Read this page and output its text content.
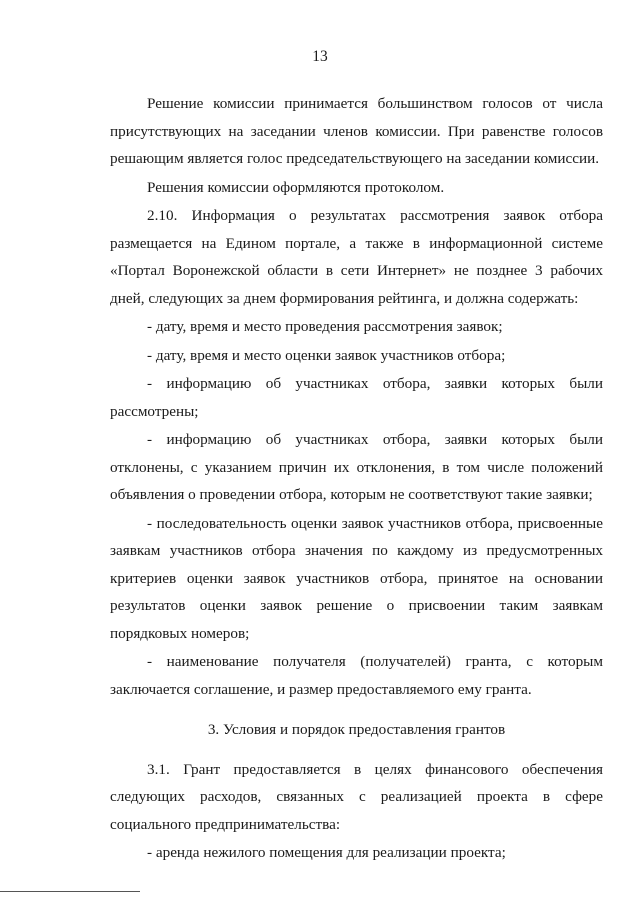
13

Решение комиссии принимается большинством голосов от числа присутствующих на заседании членов комиссии. При равенстве голосов решающим является голос председательствующего на заседании комиссии.

Решения комиссии оформляются протоколом.

2.10. Информация о результатах рассмотрения заявок отбора размещается на Едином портале, а также в информационной системе «Портал Воронежской области в сети Интернет» не позднее 3 рабочих дней, следующих за днем формирования рейтинга, и должна содержать:

- дату, время и место проведения рассмотрения заявок;

- дату, время и место оценки заявок участников отбора;

- информацию об участниках отбора, заявки которых были рассмотрены;

- информацию об участниках отбора, заявки которых были отклонены, с указанием причин их отклонения, в том числе положений объявления о проведении отбора, которым не соответствуют такие заявки;

- последовательность оценки заявок участников отбора, присвоенные заявкам участников отбора значения по каждому из предусмотренных критериев оценки заявок участников отбора, принятое на основании результатов оценки заявок решение о присвоении таким заявкам порядковых номеров;

- наименование получателя (получателей) гранта, с которым заключается соглашение, и размер предоставляемого ему гранта.

3. Условия и порядок предоставления грантов

3.1. Грант предоставляется в целях финансового обеспечения следующих расходов, связанных с реализацией проекта в сфере социального предпринимательства:

- аренда нежилого помещения для реализации проекта;
